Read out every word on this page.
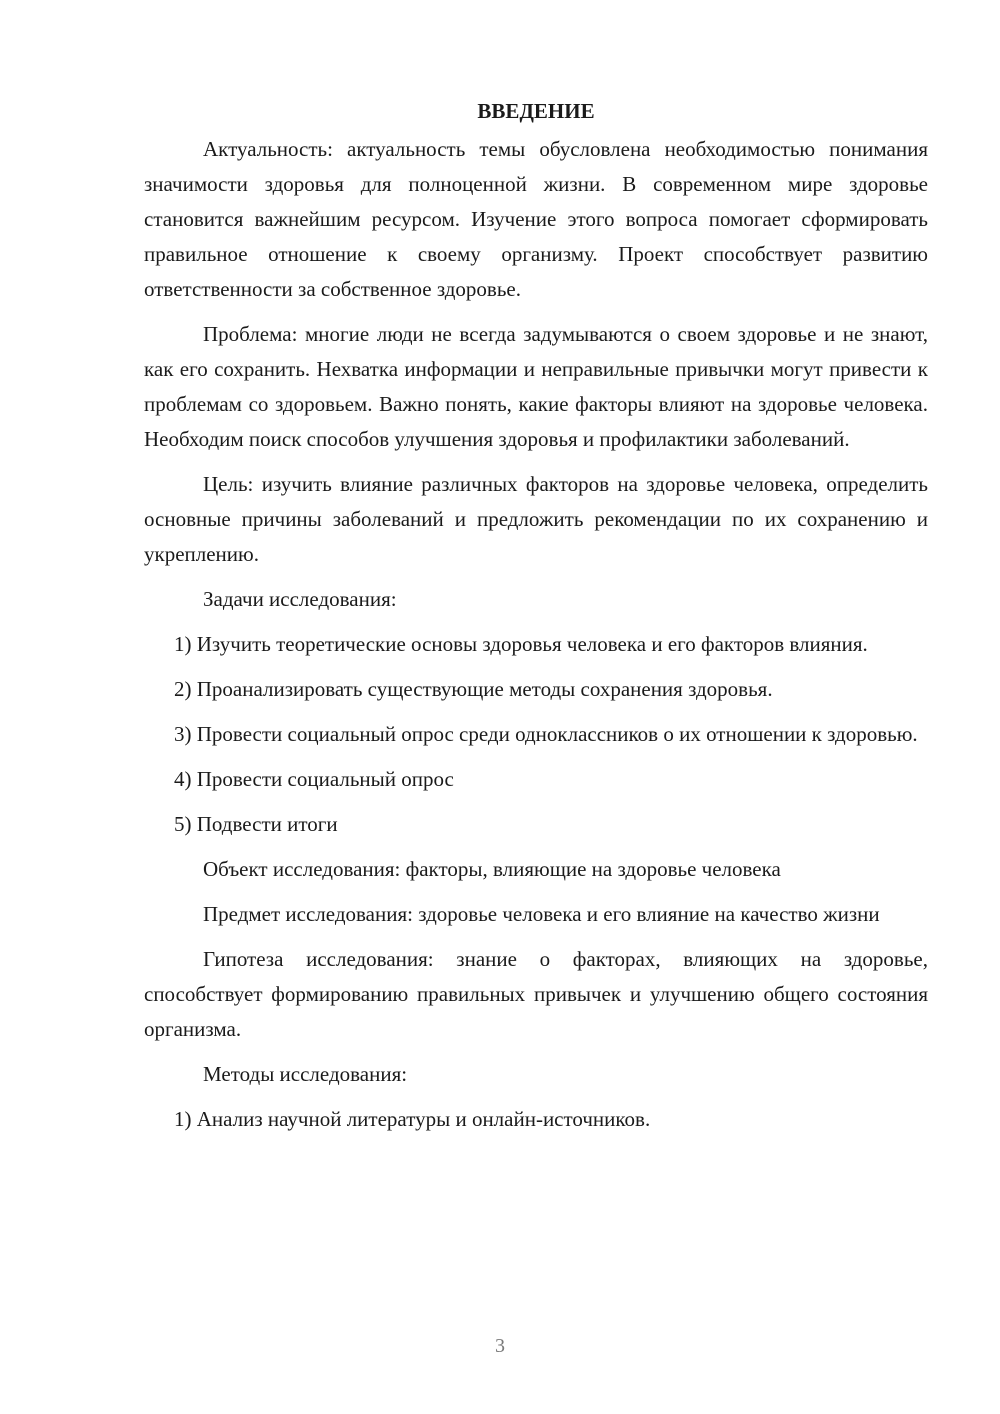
ВВЕДЕНИЕ

Актуальность: актуальность темы обусловлена необходимостью понимания значимости здоровья для полноценной жизни. В современном мире здоровье становится важнейшим ресурсом. Изучение этого вопроса помогает сформировать правильное отношение к своему организму. Проект способствует развитию ответственности за собственное здоровье.

Проблема: многие люди не всегда задумываются о своем здоровье и не знают, как его сохранить. Нехватка информации и неправильные привычки могут привести к проблемам со здоровьем. Важно понять, какие факторы влияют на здоровье человека. Необходим поиск способов улучшения здоровья и профилактики заболеваний.

Цель: изучить влияние различных факторов на здоровье человека, определить основные причины заболеваний и предложить рекомендации по их сохранению и укреплению.

Задачи исследования:

1) Изучить теоретические основы здоровья человека и его факторов влияния.

2) Проанализировать существующие методы сохранения здоровья.

3) Провести социальный опрос среди одноклассников о их отношении к здоровью.

4) Провести социальный опрос

5) Подвести итоги

Объект исследования: факторы, влияющие на здоровье человека

Предмет исследования: здоровье человека и его влияние на качество жизни

Гипотеза исследования: знание о факторах, влияющих на здоровье, способствует формированию правильных привычек и улучшению общего состояния организма.

Методы исследования:

1) Анализ научной литературы и онлайн-источников.

3
